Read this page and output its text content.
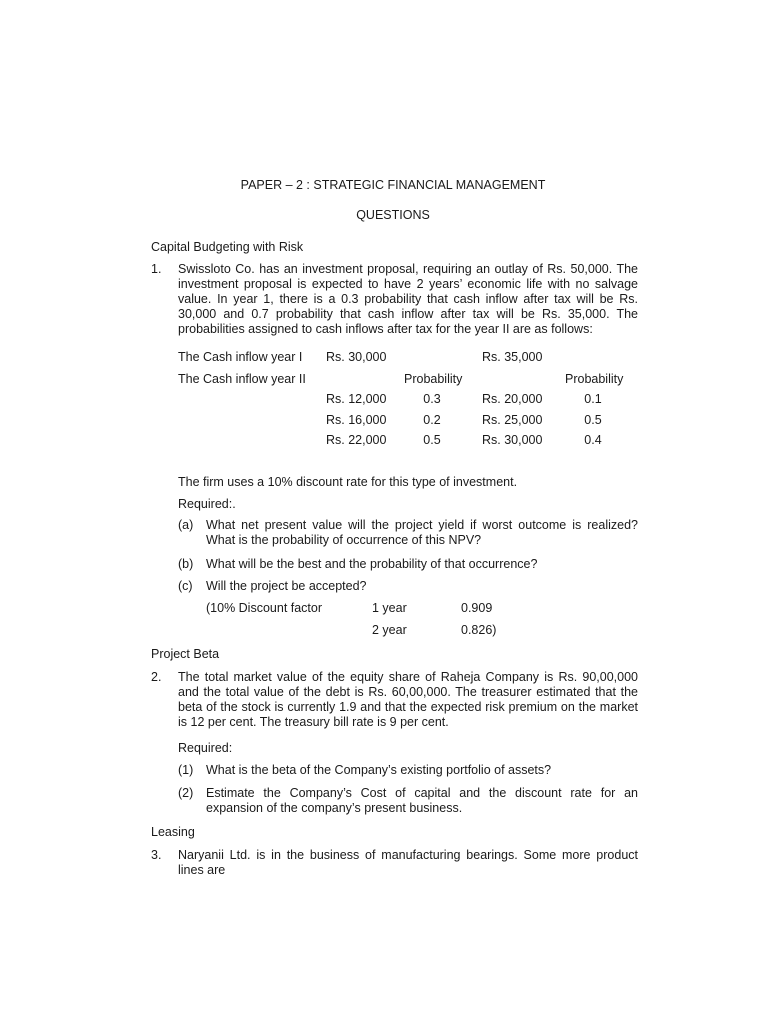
PAPER – 2 : STRATEGIC FINANCIAL MANAGEMENT
QUESTIONS
Capital Budgeting with Risk
1. Swissloto Co. has an investment proposal, requiring an outlay of Rs. 50,000. The investment proposal is expected to have 2 years’ economic life with no salvage value. In year 1, there is a 0.3 probability that cash inflow after tax will be Rs. 30,000 and 0.7 probability that cash inflow after tax will be Rs. 35,000. The probabilities assigned to cash inflows after tax for the year II are as follows:
The Cash inflow year I Rs. 30,000	Rs. 35,000
The Cash inflow year II	Probability	Probability
Rs. 12,000	0.3	Rs. 20,000	0.1
Rs. 16,000	0.2	Rs. 25,000	0.5
Rs. 22,000	0.5	Rs. 30,000	0.4
The firm uses a 10% discount rate for this type of investment.
Required:.
(a) What net present value will the project yield if worst outcome is realized? What is the probability of occurrence of this NPV?
(b) What will be the best and the probability of that occurrence?
(c) Will the project be accepted?
(10% Discount factor	1 year	0.909
2 year	0.826)
Project Beta
2. The total market value of the equity share of Raheja Company is Rs. 90,00,000 and the total value of the debt is Rs. 60,00,000. The treasurer estimated that the beta of the stock is currently 1.9 and that the expected risk premium on the market is 12 per cent. The treasury bill rate is 9 per cent.
Required:
(1) What is the beta of the Company’s existing portfolio of assets?
(2) Estimate the Company’s Cost of capital and the discount rate for an expansion of the company’s present business.
Leasing
3. Naryanii Ltd. is in the business of manufacturing bearings. Some more product lines are
